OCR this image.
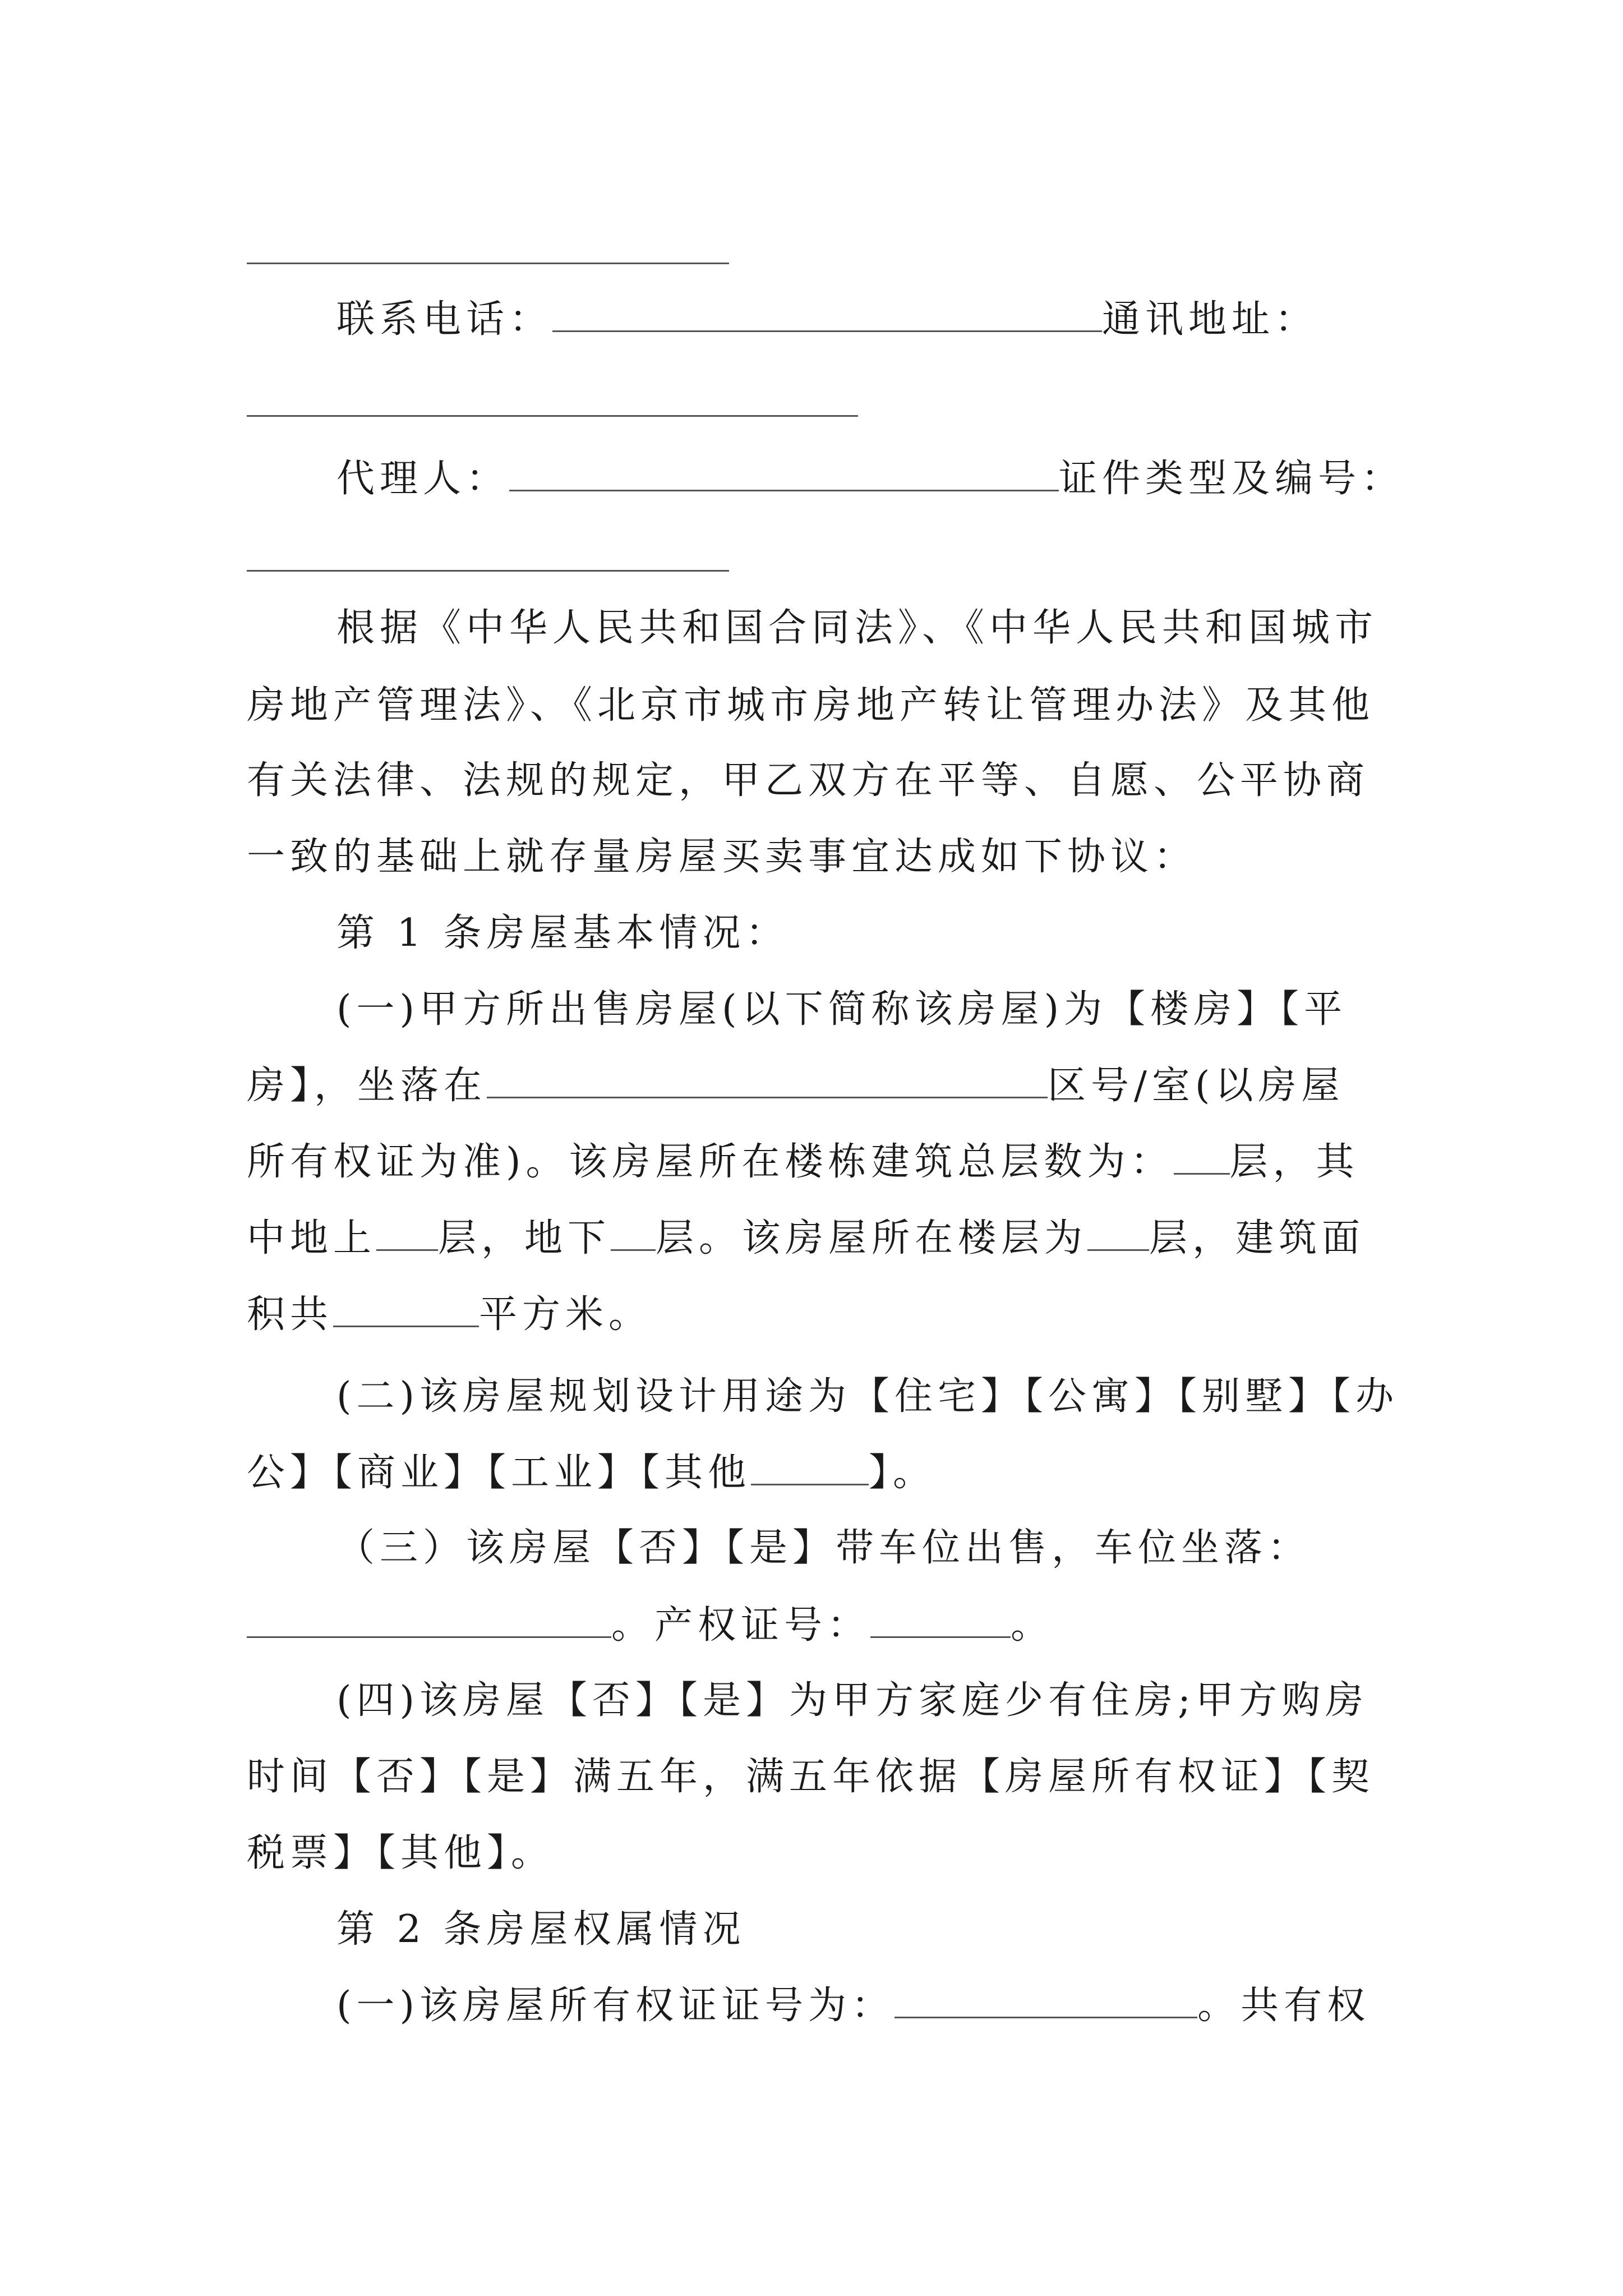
联系电话：	通讯地址：
代理人：	证件类型及编号：
根据《中华人民共和国合同法》、《中华人民共和国城市
房地产管理法》、《北京市城市房地产转让管理办法》及其他
有关法律、法规的规定，甲乙双方在平等、自愿、公平协商
一致的基础上就存量房屋买卖事宜达成如下协议：
第 1 条房屋基本情况：
(一)甲方所出售房屋(以下简称该房屋)为【楼房】【平
房】，坐落在	区号/室(以房屋
所有权证为准)。该房屋所在楼栋建筑总层数为： 层，其
中地上 层，地下 层。该房屋所在楼层为 层，建筑面
积共	平方米。
(二)该房屋规划设计用途为【住宅】【公寓】【别墅】【办
公】【商业】【工业】【其他	】。
（三）该房屋【否】【是】带车位出售，车位坐落：
。产权证号：	。
(四)该房屋【否】【是】为甲方家庭少有住房;甲方购房
时间【否】【是】满五年，满五年依据【房屋所有权证】【契
税票】【其他】。
第 2 条房屋权属情况
(一)该房屋所有权证证号为：	。共有权
